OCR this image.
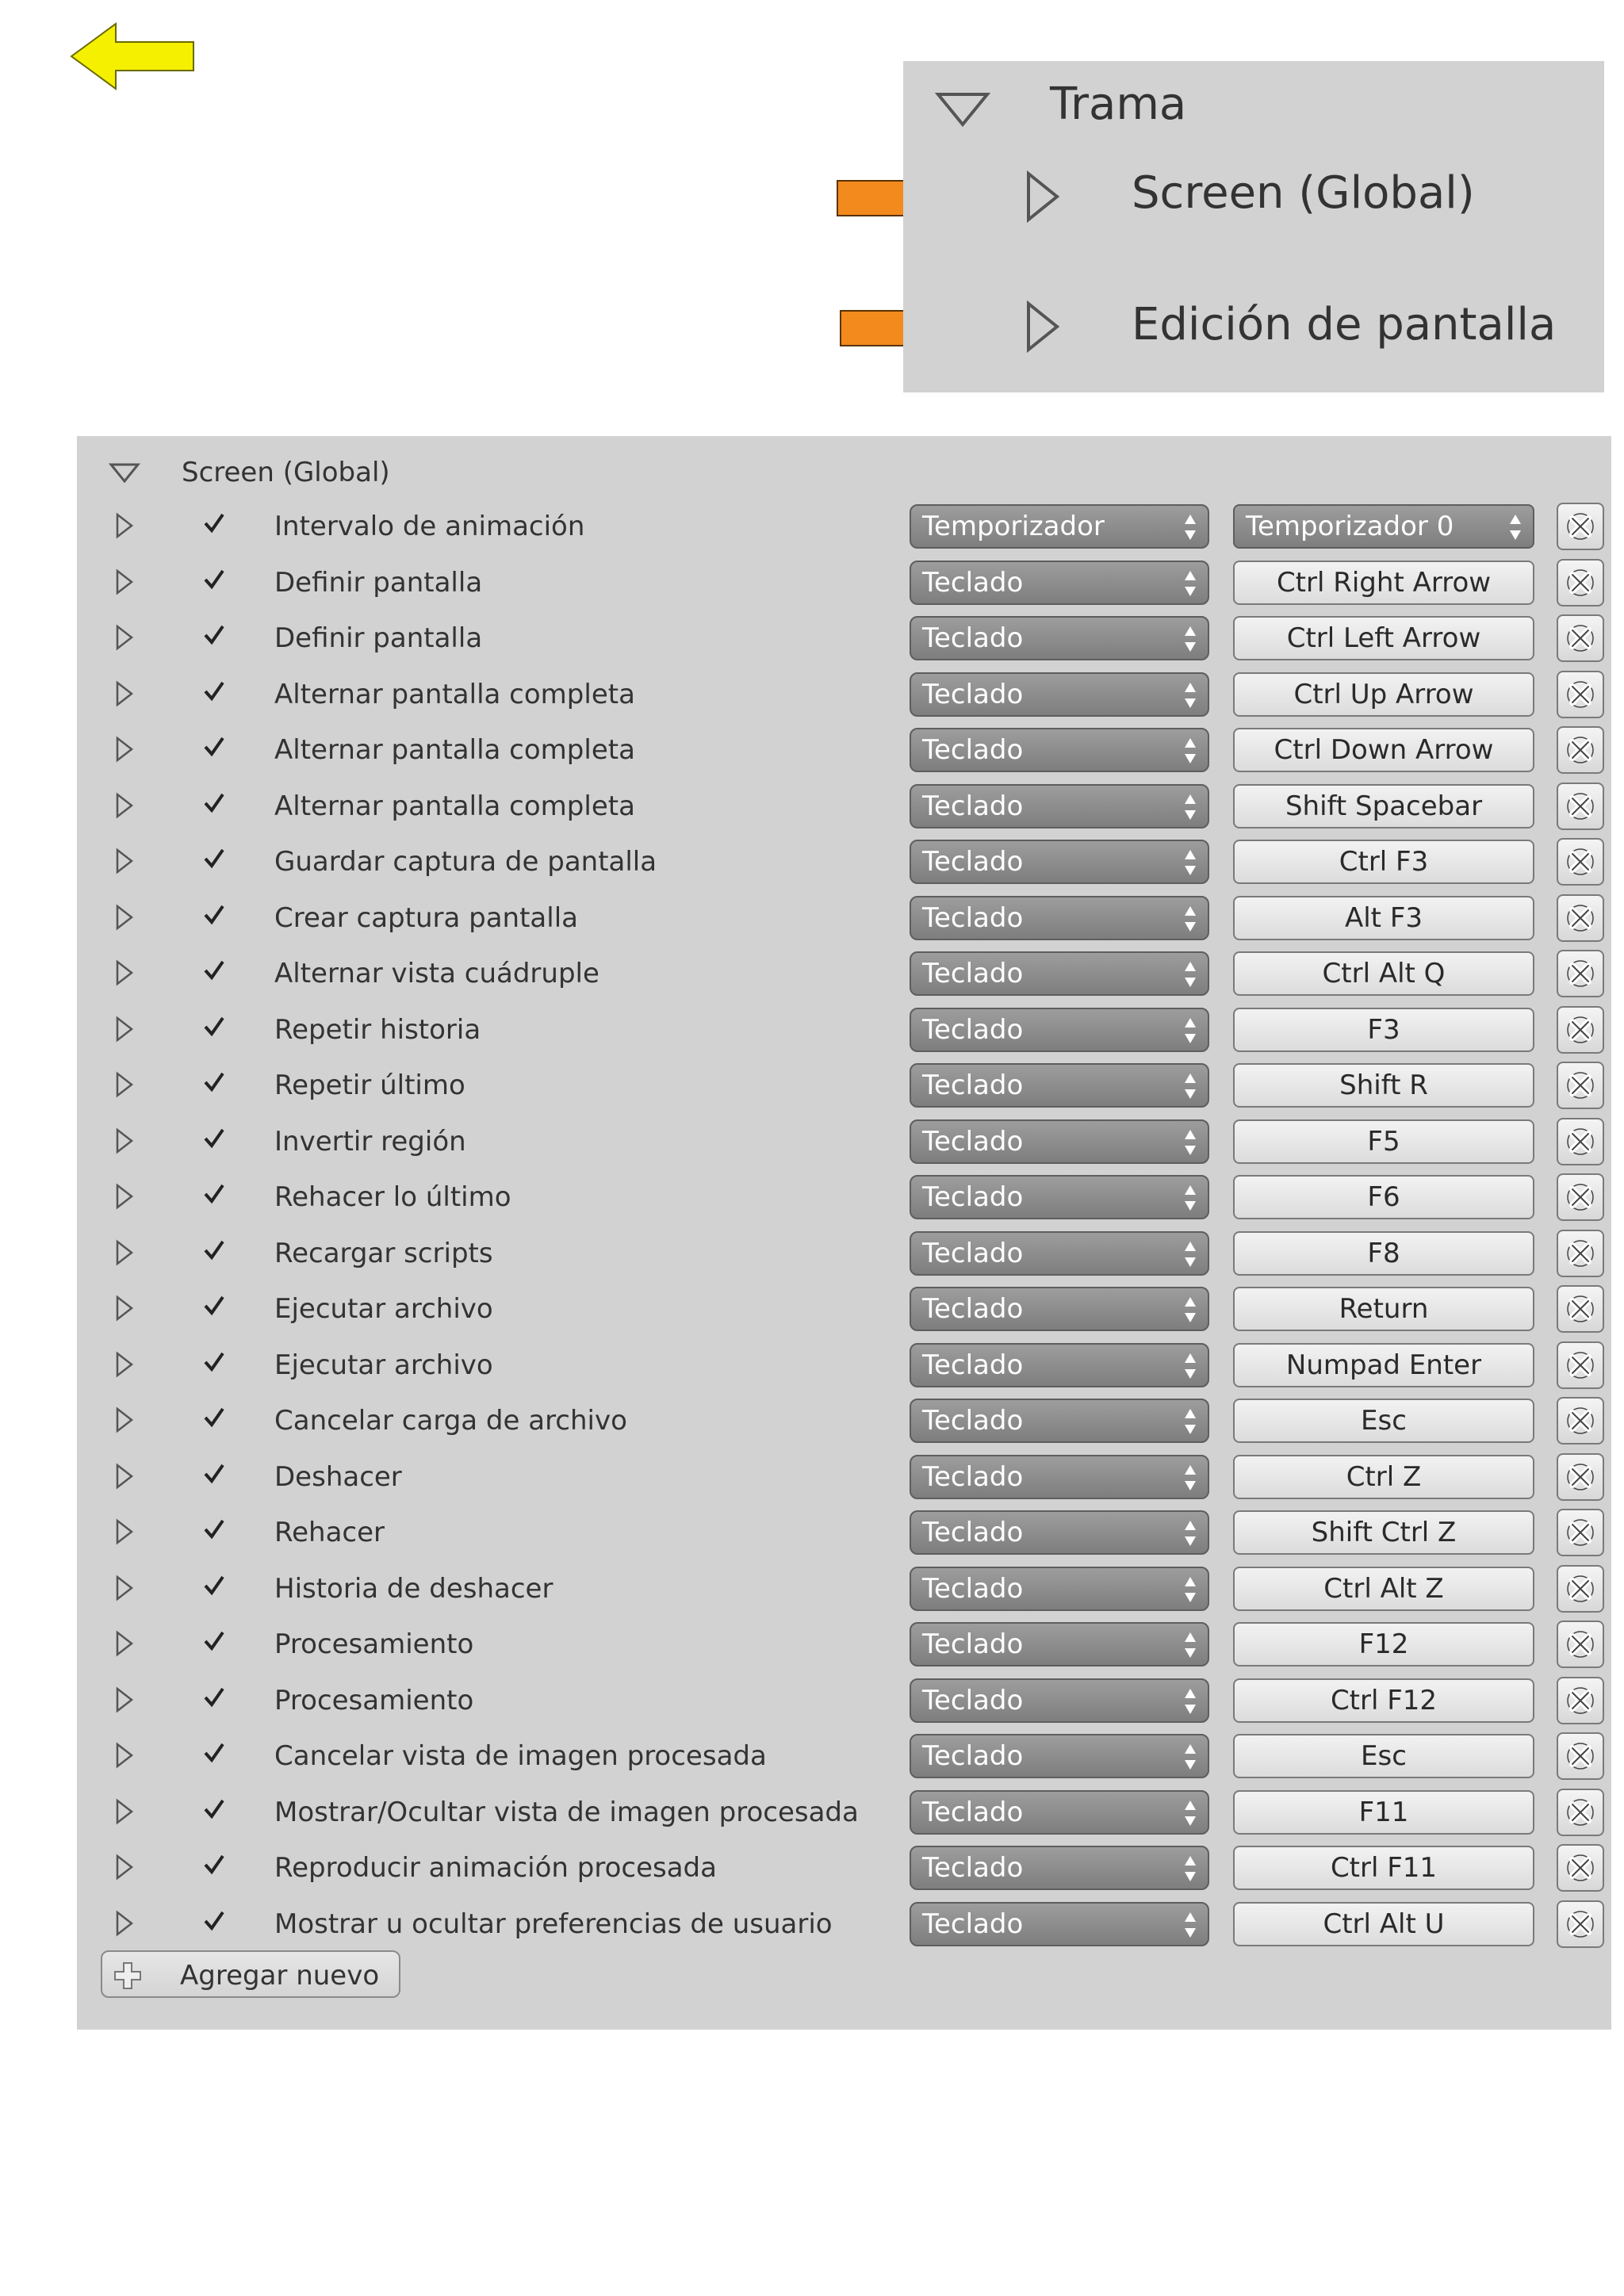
Trama
Screen (Global)
Edición de pantalla
Screen (Global)
Intervalo de animación	Temporizador	Temporizador 0
Definir pantalla	Teclado	Ctrl Right Arrow
Definir pantalla	Teclado	Ctrl Left Arrow
Alternar pantalla completa	Teclado	Ctrl Up Arrow
Alternar pantalla completa	Teclado	Ctrl Down Arrow
Alternar pantalla completa	Teclado	Shift Spacebar
Guardar captura de pantalla	Teclado	Ctrl F3
Crear captura pantalla	Teclado	Alt F3
Alternar vista cuádruple	Teclado	Ctrl Alt Q
Repetir historia	Teclado	F3
Repetir último	Teclado	Shift R
Invertir región	Teclado	F5
Rehacer lo último	Teclado	F6
Recargar scripts	Teclado	F8
Ejecutar archivo	Teclado	Return
Ejecutar archivo	Teclado	Numpad Enter
Cancelar carga de archivo	Teclado	Esc
Deshacer	Teclado	Ctrl Z
Rehacer	Teclado	Shift Ctrl Z
Historia de deshacer	Teclado	Ctrl Alt Z
Procesamiento	Teclado	F12
Procesamiento	Teclado	Ctrl F12
Cancelar vista de imagen procesada	Teclado	Esc
Mostrar/Ocultar vista de imagen procesada	Teclado	F11
Reproducir animación procesada	Teclado	Ctrl F11
Mostrar u ocultar preferencias de usuario	Teclado	Ctrl Alt U
Agregar nuevo
